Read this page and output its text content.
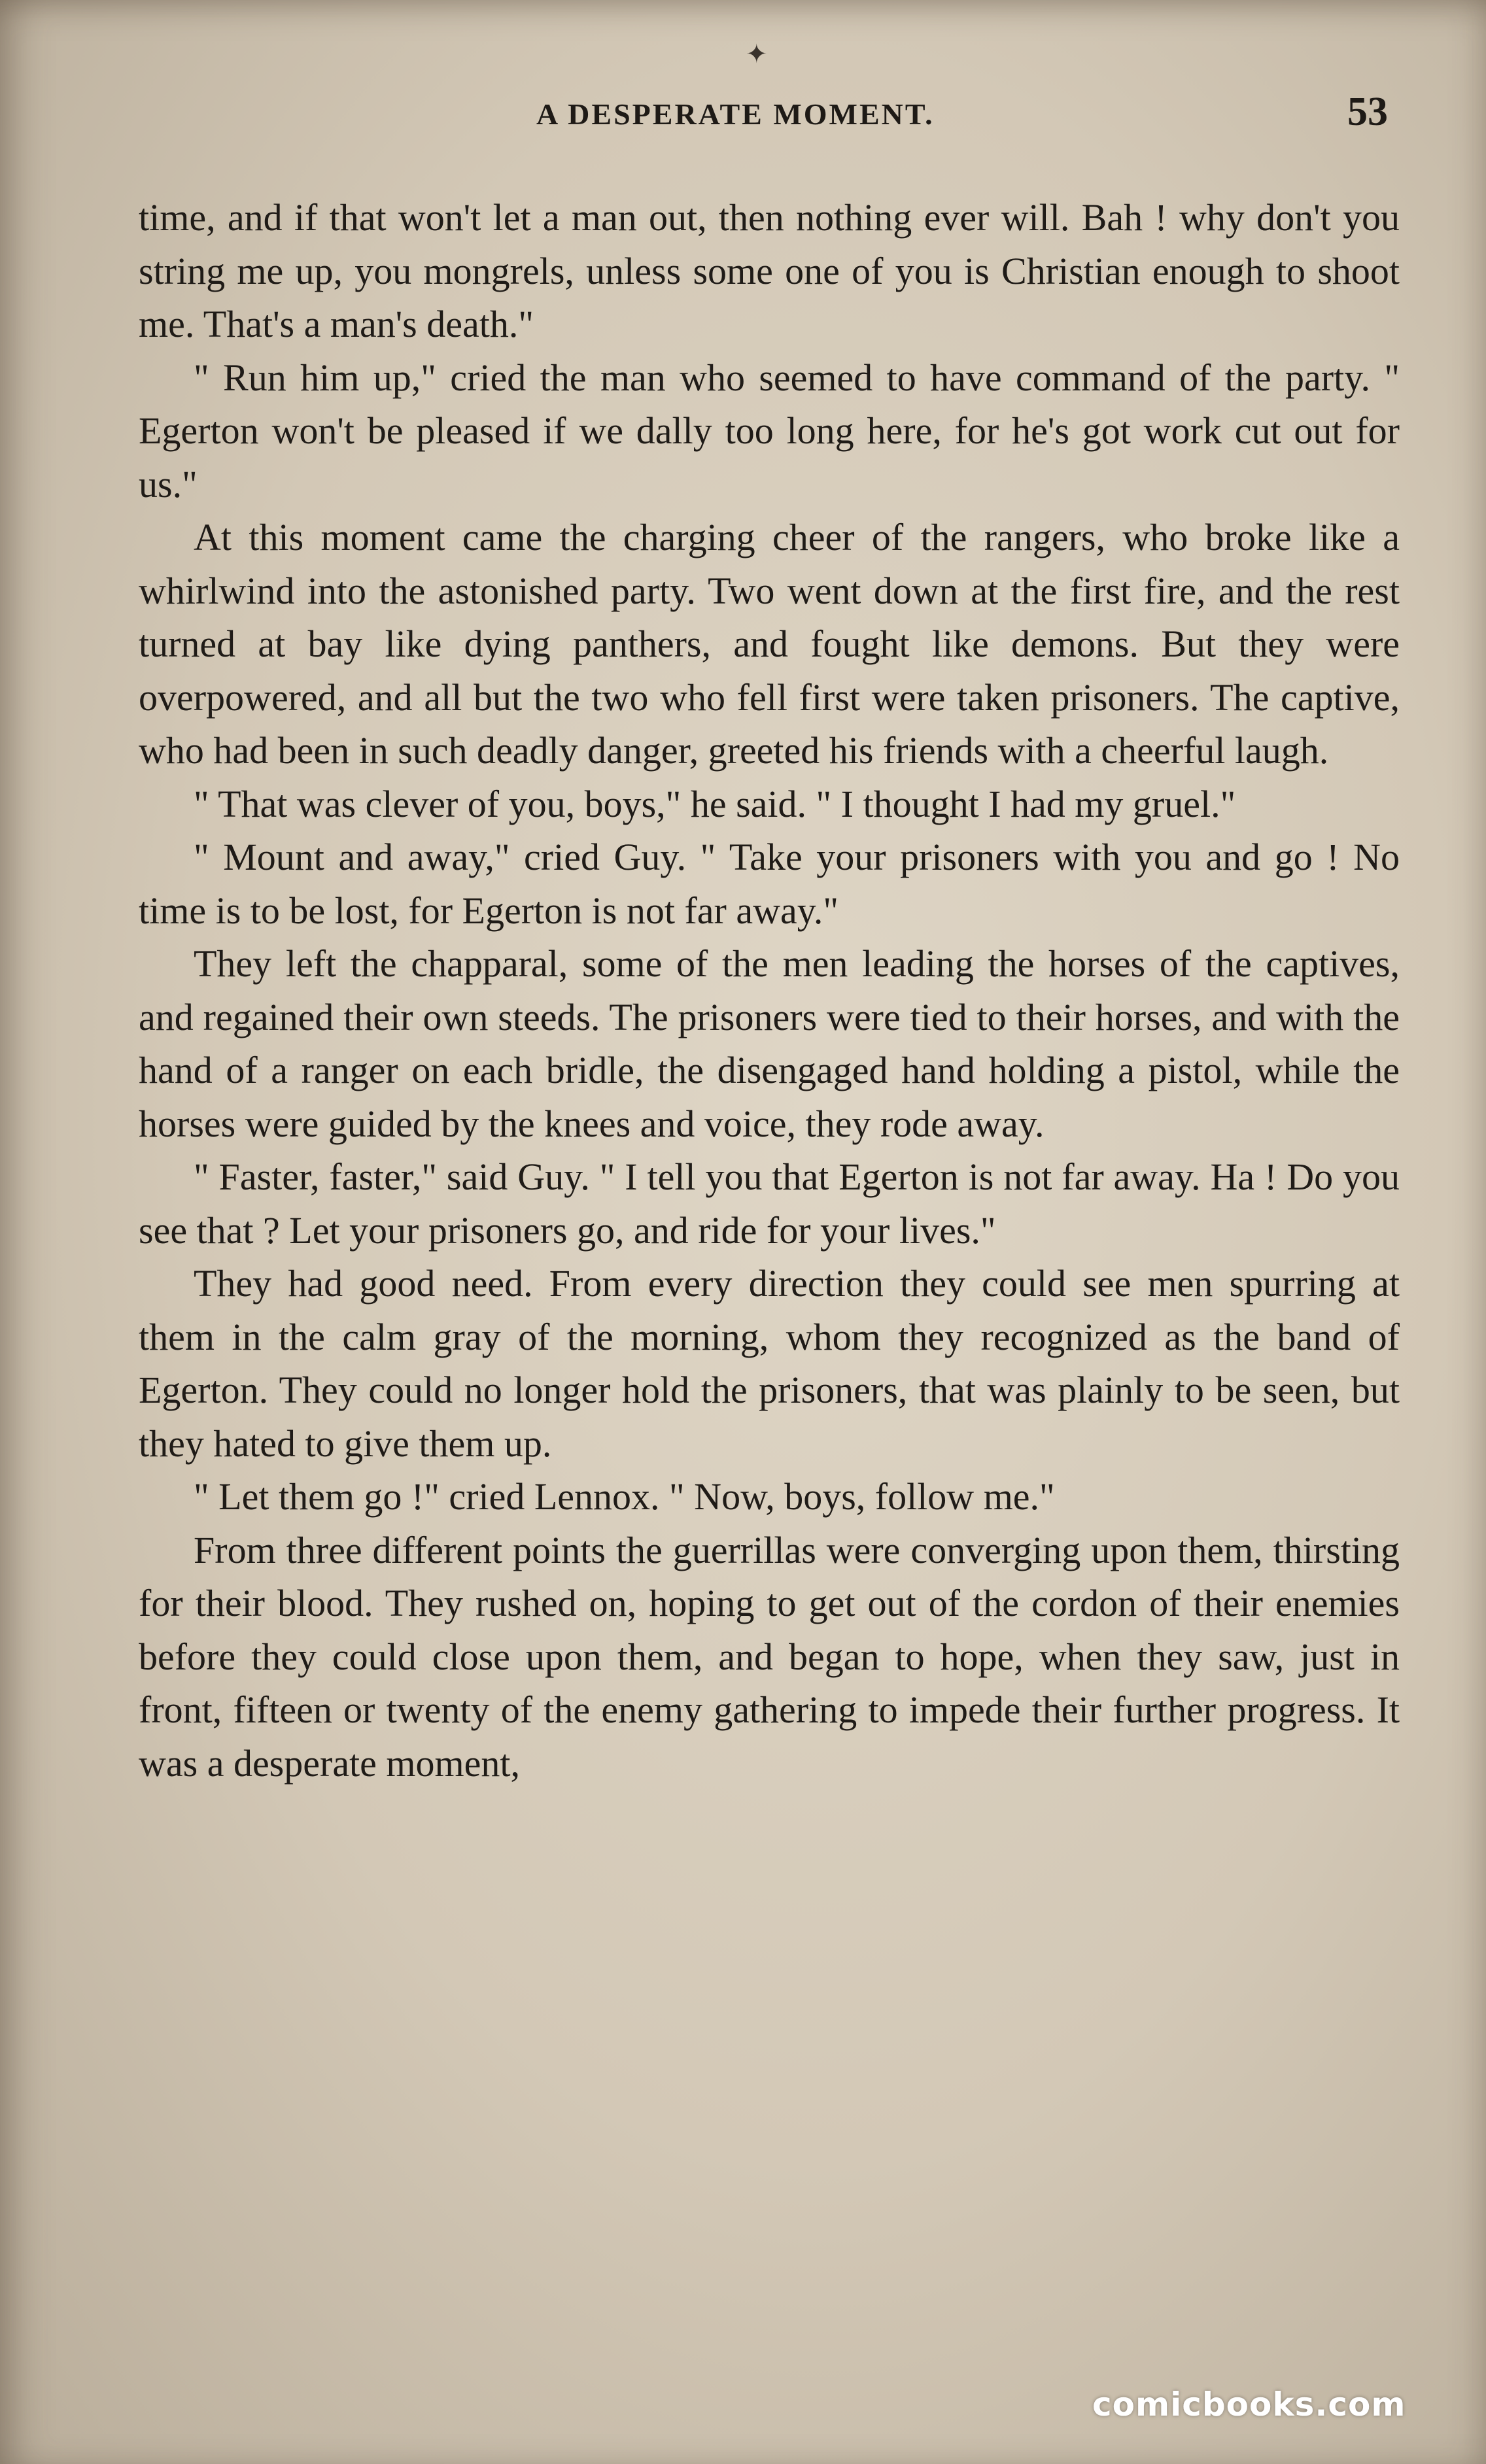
✦
A DESPERATE MOMENT.	53

time, and if that won't let a man out, then nothing ever will. Bah ! why don't you string me up, you mongrels, unless some one of you is Christian enough to shoot me. That's a man's death."

" Run him up," cried the man who seemed to have command of the party. " Egerton won't be pleased if we dally too long here, for he's got work cut out for us."

At this moment came the charging cheer of the rangers, who broke like a whirlwind into the astonished party. Two went down at the first fire, and the rest turned at bay like dying panthers, and fought like demons. But they were overpowered, and all but the two who fell first were taken prisoners. The captive, who had been in such deadly danger, greeted his friends with a cheerful laugh.

" That was clever of you, boys," he said. " I thought I had my gruel."

" Mount and away," cried Guy. " Take your prisoners with you and go ! No time is to be lost, for Egerton is not far away."

They left the chapparal, some of the men leading the horses of the captives, and regained their own steeds. The prisoners were tied to their horses, and with the hand of a ranger on each bridle, the disengaged hand holding a pistol, while the horses were guided by the knees and voice, they rode away.

" Faster, faster," said Guy. " I tell you that Egerton is not far away. Ha ! Do you see that ? Let your prisoners go, and ride for your lives."

They had good need. From every direction they could see men spurring at them in the calm gray of the morning, whom they recognized as the band of Egerton. They could no longer hold the prisoners, that was plainly to be seen, but they hated to give them up.

" Let them go !" cried Lennox. " Now, boys, follow me."

From three different points the guerrillas were converging upon them, thirsting for their blood. They rushed on, hoping to get out of the cordon of their enemies before they could close upon them, and began to hope, when they saw, just in front, fifteen or twenty of the enemy gathering to impede their further progress. It was a desperate moment,

comicbooks.com
